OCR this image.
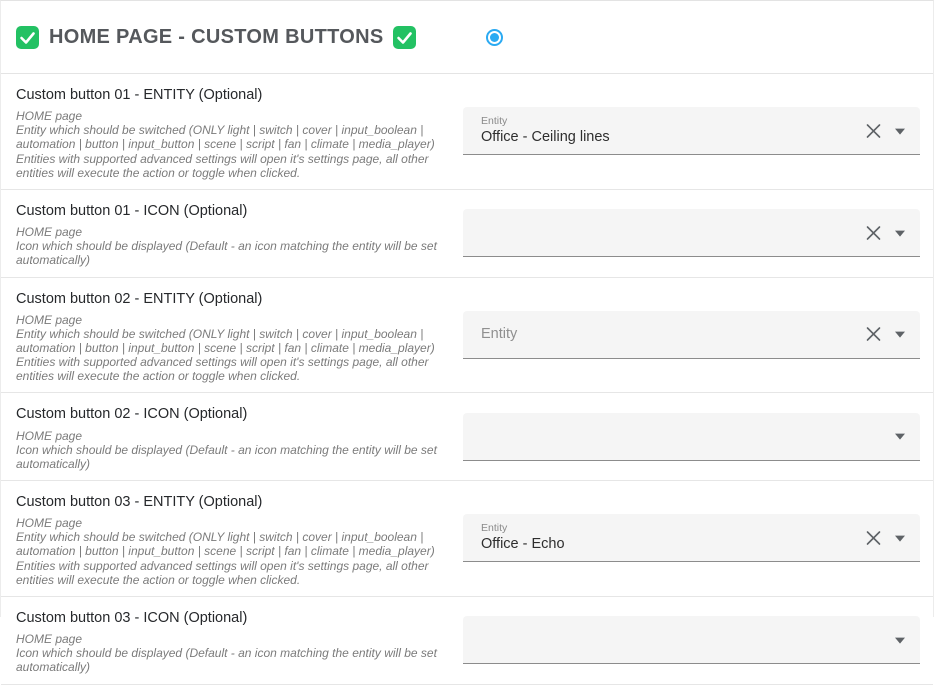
HOME PAGE - CUSTOM BUTTONS
Custom button 01 - ENTITY (Optional)

HOME page

Entity which should be switched (ONLY light | switch | cover | input_boolean | automation | button | input_button | scene | script | fan | climate | media_player)

Entities with supported advanced settings will open it's settings page, all other entities will execute the action or toggle when clicked.

Entity
Office - Ceiling lines
Custom button 01 - ICON (Optional)

HOME page

Icon which should be displayed (Default - an icon matching the entity will be set automatically)

Custom button 02 - ENTITY (Optional)

HOME page

Entity which should be switched (ONLY light | switch | cover | input_boolean | automation | button | input_button | scene | script | fan | climate | media_player)

Entities with supported advanced settings will open it's settings page, all other entities will execute the action or toggle when clicked.

Entity
Custom button 02 - ICON (Optional)

HOME page

Icon which should be displayed (Default - an icon matching the entity will be set automatically)

Custom button 03 - ENTITY (Optional)

HOME page

Entity which should be switched (ONLY light | switch | cover | input_boolean | automation | button | input_button | scene | script | fan | climate | media_player)

Entities with supported advanced settings will open it's settings page, all other entities will execute the action or toggle when clicked.

Entity
Office - Echo
Custom button 03 - ICON (Optional)

HOME page

Icon which should be displayed (Default - an icon matching the entity will be set automatically)
